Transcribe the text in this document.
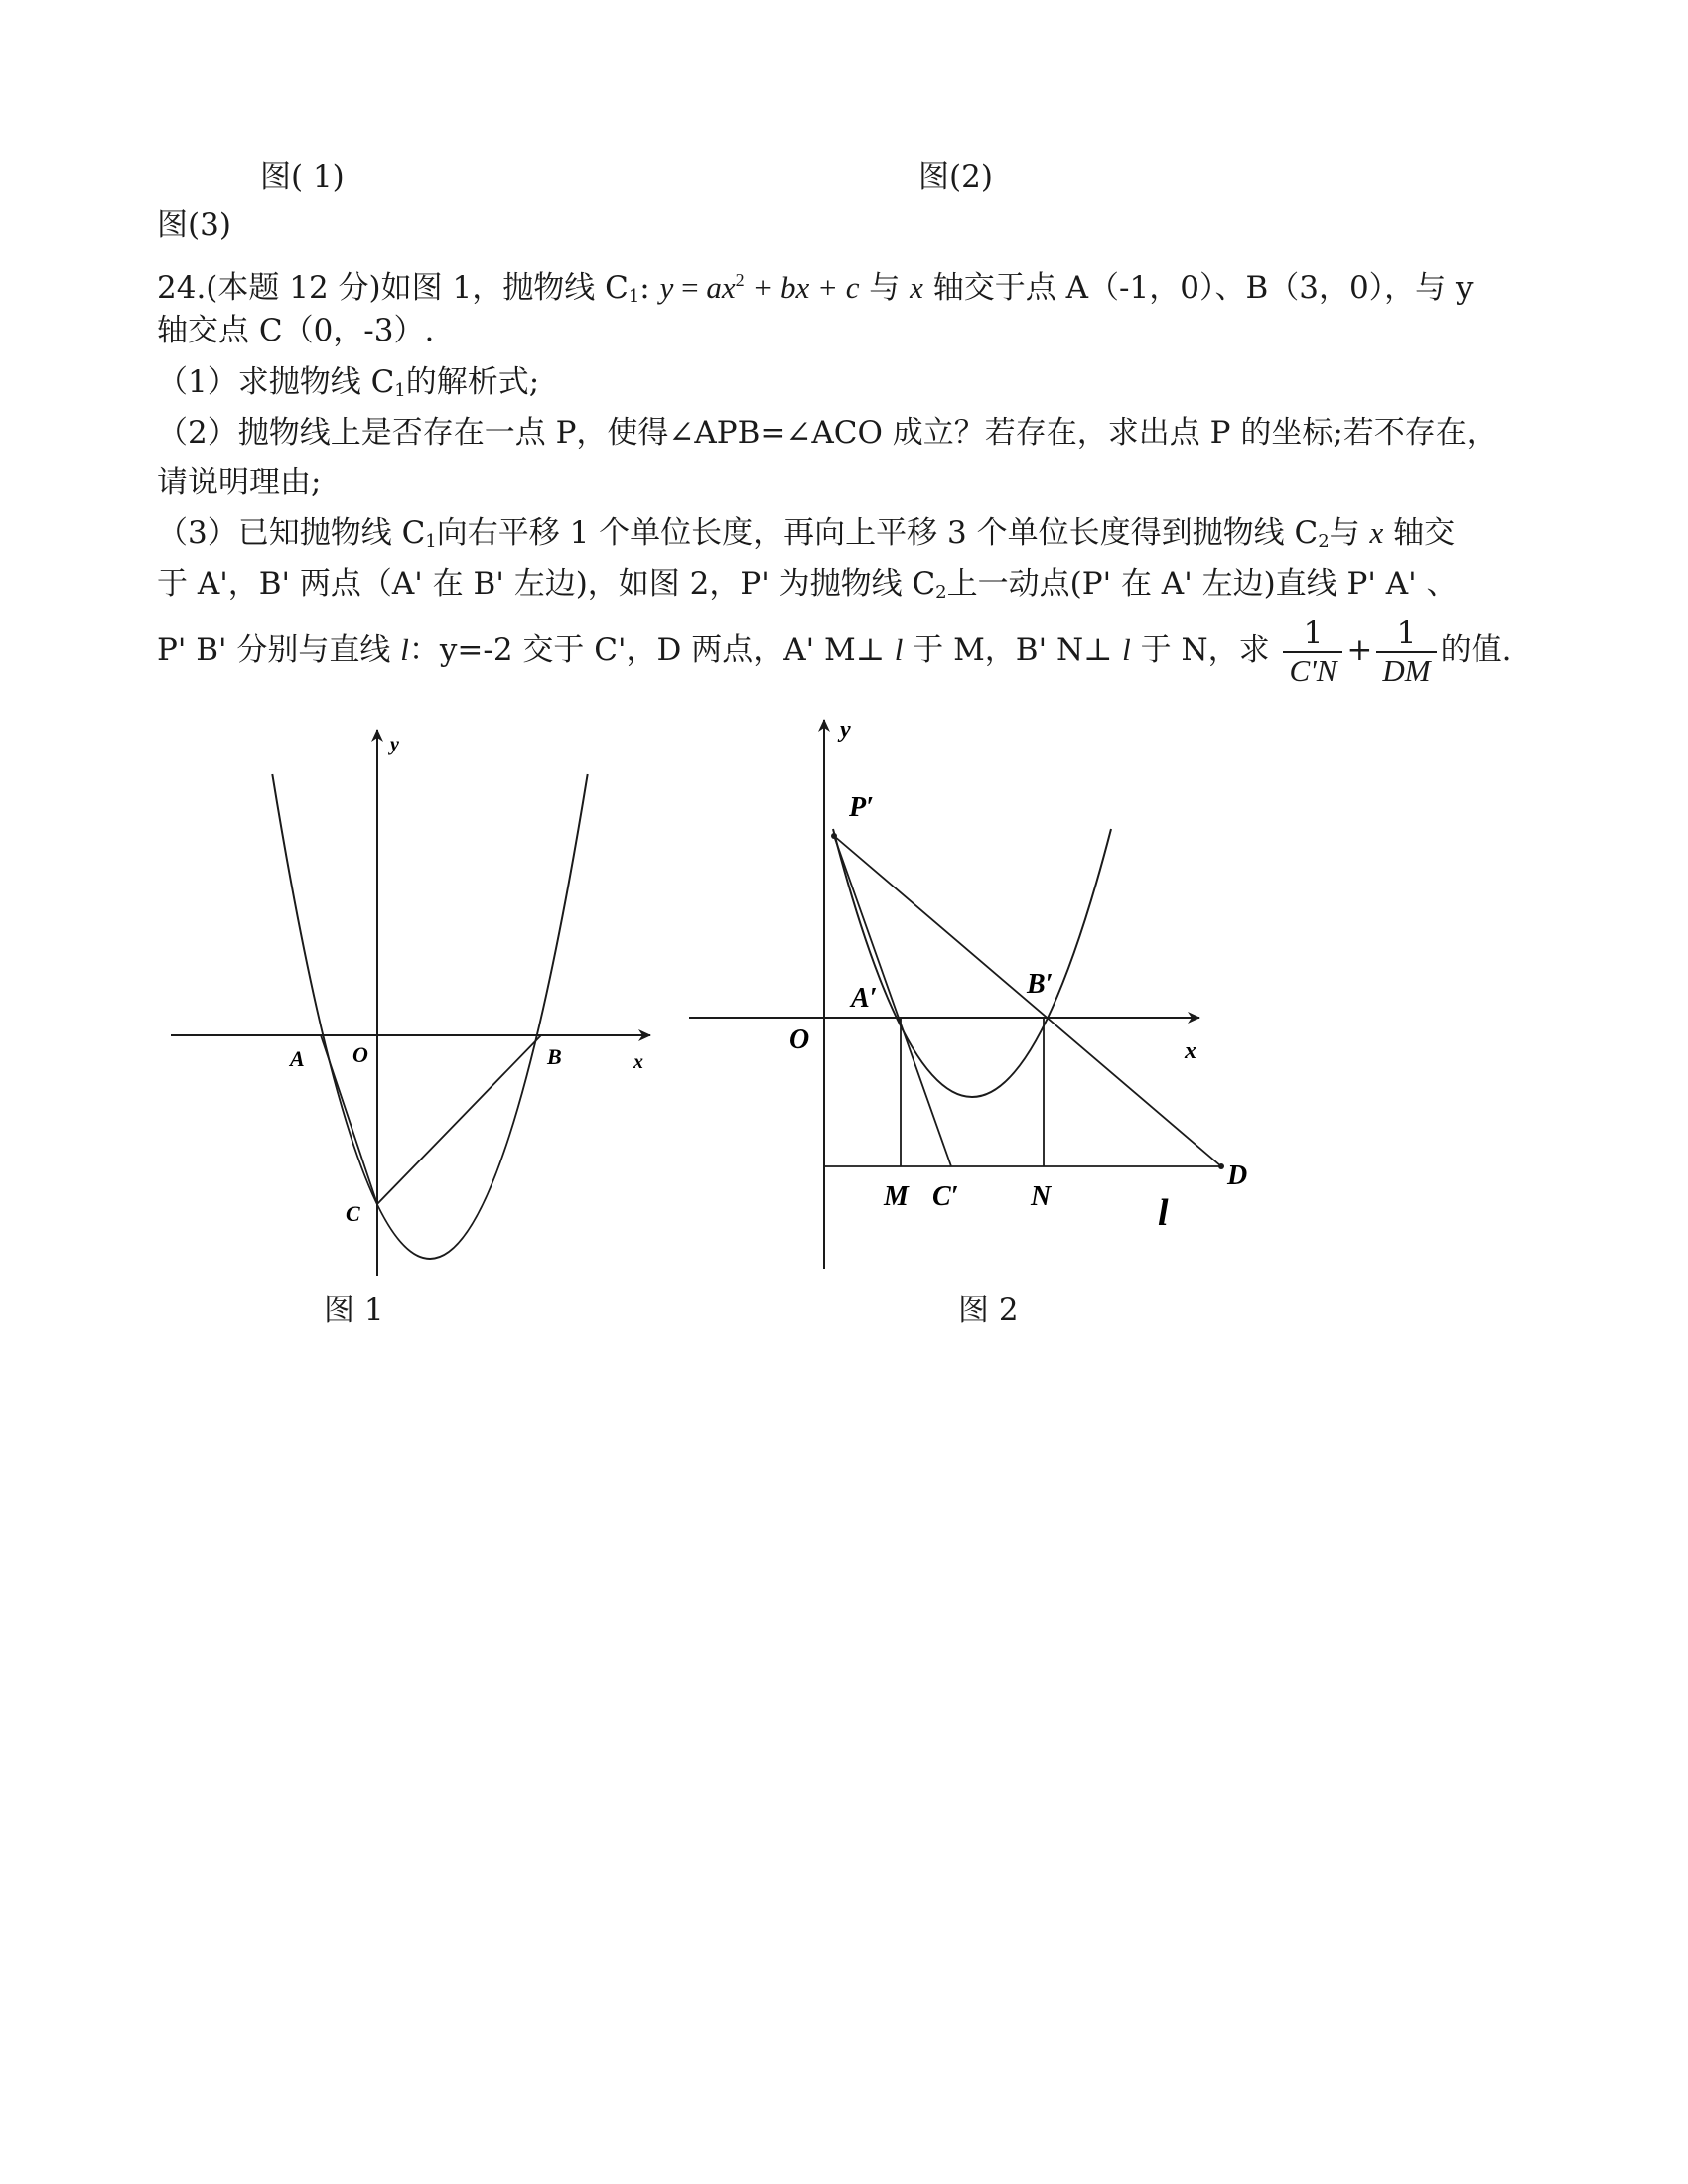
图( 1)	图(2)
图(3)
24.(本题 12 分)如图 1，抛物线 $C_1$: $y = ax^2$ + bx + c 与 x 轴交于点 A（-1，0）、B（3，0），与 y
轴交点 C（0，-3）.
（1）求抛物线 $C_1$的解析式;
（2）抛物线上是否存在一点 P，使得∠APB=∠ACO 成立？若存在，求出点 P 的坐标;若不存在，
请说明理由;
（3）已知抛物线 $C_1$向右平移 1 个单位长度，再向上平移 3 个单位长度得到抛物线 $C_2$与 x 轴交
于 A'，B' 两点（A' 在 B' 左边)，如图 2，P' 为抛物线 $C_2$上一动点(P' 在 A' 左边)直线 P' A' 、
P' B' 分别与直线 l：y=-2 交于 C'，D 两点，A' M⊥ l 于 M，B' N⊥ l 于 N，求 $\frac{1}{C'N} + \frac{1}{DM}$ 的值.
y
x
A O	B
C
图 1
y
x
P′
A′	B′
O
M C′	N
D
l
图 2
